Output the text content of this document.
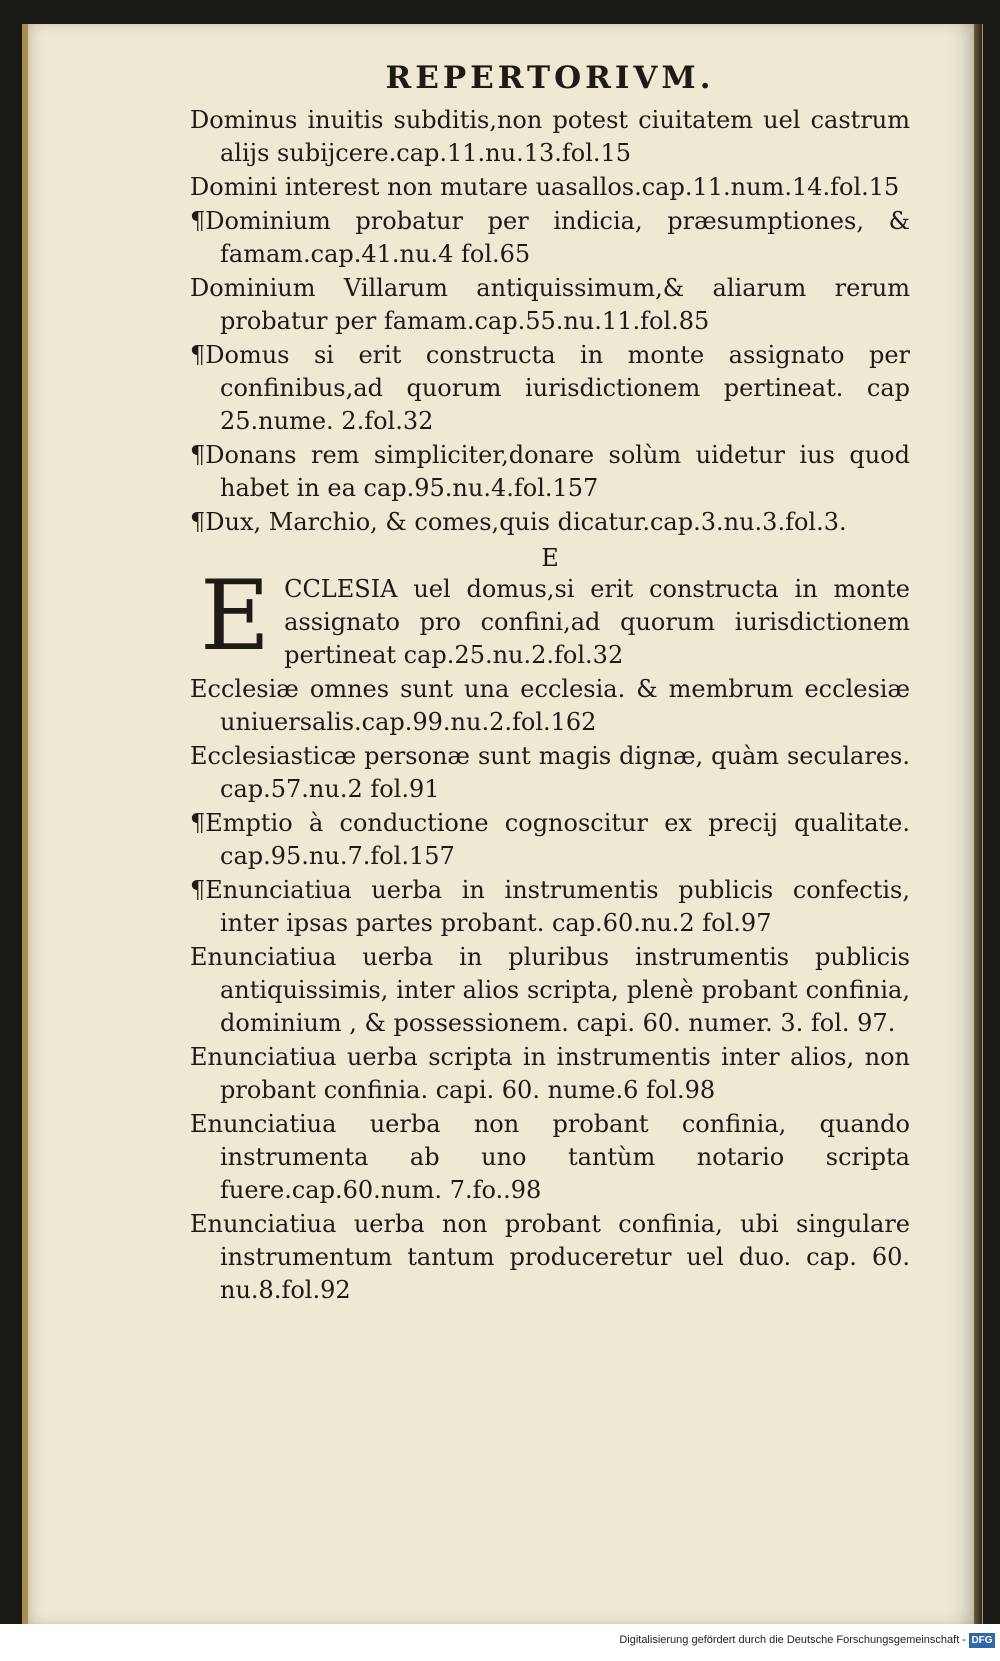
REPERTORIVM.

Dominus inuitis subditis,non potest ciuitatem uel castrum alijs subijcere.cap.11.nu.13.fol.15

Domini interest non mutare uasallos.cap.11.num.14.fol.15

¶Dominium probatur per indicia, præsumptiones, & famam.cap.41.nu.4 fol.65

Dominium Villarum antiquissimum,& aliarum rerum probatur per famam.cap.55.nu.11.fol.85

¶Domus si erit constructa in monte assignato per confinibus,ad quorum iurisdictionem pertineat. cap 25.nume. 2.fol.32

¶Donans rem simpliciter,donare solùm uidetur ius quod habet in ea cap.95.nu.4.fol.157

¶Dux, Marchio, & comes,quis dicatur.cap.3.nu.3.fol.3.

E
E CCLESIA uel domus,si erit constructa in monte assignato pro confini,ad quorum iurisdictionem pertineat cap.25.nu.2.fol.32

Ecclesiæ omnes sunt una ecclesia. & membrum ecclesiæ uniuersalis.cap.99.nu.2.fol.162

Ecclesiasticæ personæ sunt magis dignæ, quàm seculares. cap.57.nu.2 fol.91

¶Emptio à conductione cognoscitur ex precij qualitate. cap.95.nu.7.fol.157

¶Enunciatiua uerba in instrumentis publicis confectis, inter ipsas partes probant. cap.60.nu.2 fol.97

Enunciatiua uerba in pluribus instrumentis publicis antiquissimis, inter alios scripta, plenè probant confinia, dominium , & possessionem. capi. 60. numer. 3. fol. 97.

Enunciatiua uerba scripta in instrumentis inter alios, non probant confinia. capi. 60. nume.6 fol.98

Enunciatiua uerba non probant confinia, quando instrumenta ab uno tantùm notario scripta fuere.cap.60.num. 7.fo..98

Enunciatiua uerba non probant confinia, ubi singulare instrumentum tantum produceretur uel duo. cap. 60. nu.8.fol.92

Digitalisierung gefördert durch die Deutsche Forschungsgemeinschaft - DFG
